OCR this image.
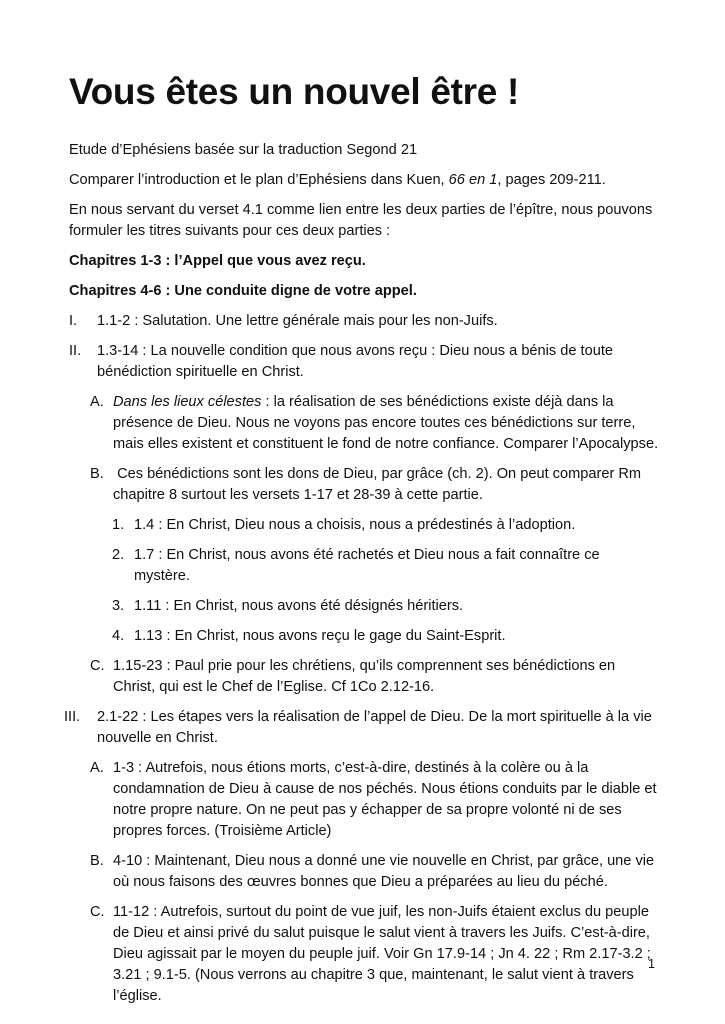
Vous êtes un nouvel être !

Etude d’Ephésiens basée sur la traduction Segond 21

Comparer l’introduction et le plan d’Ephésiens dans Kuen, 66 en 1, pages 209-211.

En nous servant du verset 4.1 comme lien entre les deux parties de l’épître, nous pouvons formuler les titres suivants pour ces deux parties :

Chapitres 1-3 : l’Appel que vous avez reçu.

Chapitres 4-6 : Une conduite digne de votre appel.

I. 1.1-2 : Salutation. Une lettre générale mais pour les non-Juifs.
II. 1.3-14 : La nouvelle condition que nous avons reçu : Dieu nous a bénis de toute bénédiction spirituelle en Christ.
A. Dans les lieux célestes : la réalisation de ses bénédictions existe déjà dans la présence de Dieu. Nous ne voyons pas encore toutes ces bénédictions sur terre, mais elles existent et constituent le fond de notre confiance. Comparer l’Apocalypse.
B. Ces bénédictions sont les dons de Dieu, par grâce (ch. 2). On peut comparer Rm chapitre 8 surtout les versets 1-17 et 28-39 à cette partie.
1. 1.4 : En Christ, Dieu nous a choisis, nous a prédestinés à l’adoption.
2. 1.7 : En Christ, nous avons été rachetés et Dieu nous a fait connaître ce mystère.
3. 1.11 : En Christ, nous avons été désignés héritiers.
4. 1.13 : En Christ, nous avons reçu le gage du Saint-Esprit.
C. 1.15-23 : Paul prie pour les chrétiens, qu’ils comprennent ses bénédictions en Christ, qui est le Chef de l’Eglise. Cf 1Co 2.12-16.
III. 2.1-22 : Les étapes vers la réalisation de l’appel de Dieu. De la mort spirituelle à la vie nouvelle en Christ.
A. 1-3 : Autrefois, nous étions morts, c’est-à-dire, destinés à la colère ou à la condamnation de Dieu à cause de nos péchés. Nous étions conduits par le diable et notre propre nature. On ne peut pas y échapper de sa propre volonté ni de ses propres forces. (Troisième Article)
B. 4-10 : Maintenant, Dieu nous a donné une vie nouvelle en Christ, par grâce, une vie où nous faisons des œuvres bonnes que Dieu a préparées au lieu du péché.
C. 11-12 : Autrefois, surtout du point de vue juif, les non-Juifs étaient exclus du peuple de Dieu et ainsi privé du salut puisque le salut vient à travers les Juifs. C’est-à-dire, Dieu agissait par le moyen du peuple juif. Voir Gn 17.9-14 ; Jn 4. 22 ; Rm 2.17-3.2 ; 3.21 ; 9.1-5. (Nous verrons au chapitre 3 que, maintenant, le salut vient à travers l’église.
1
